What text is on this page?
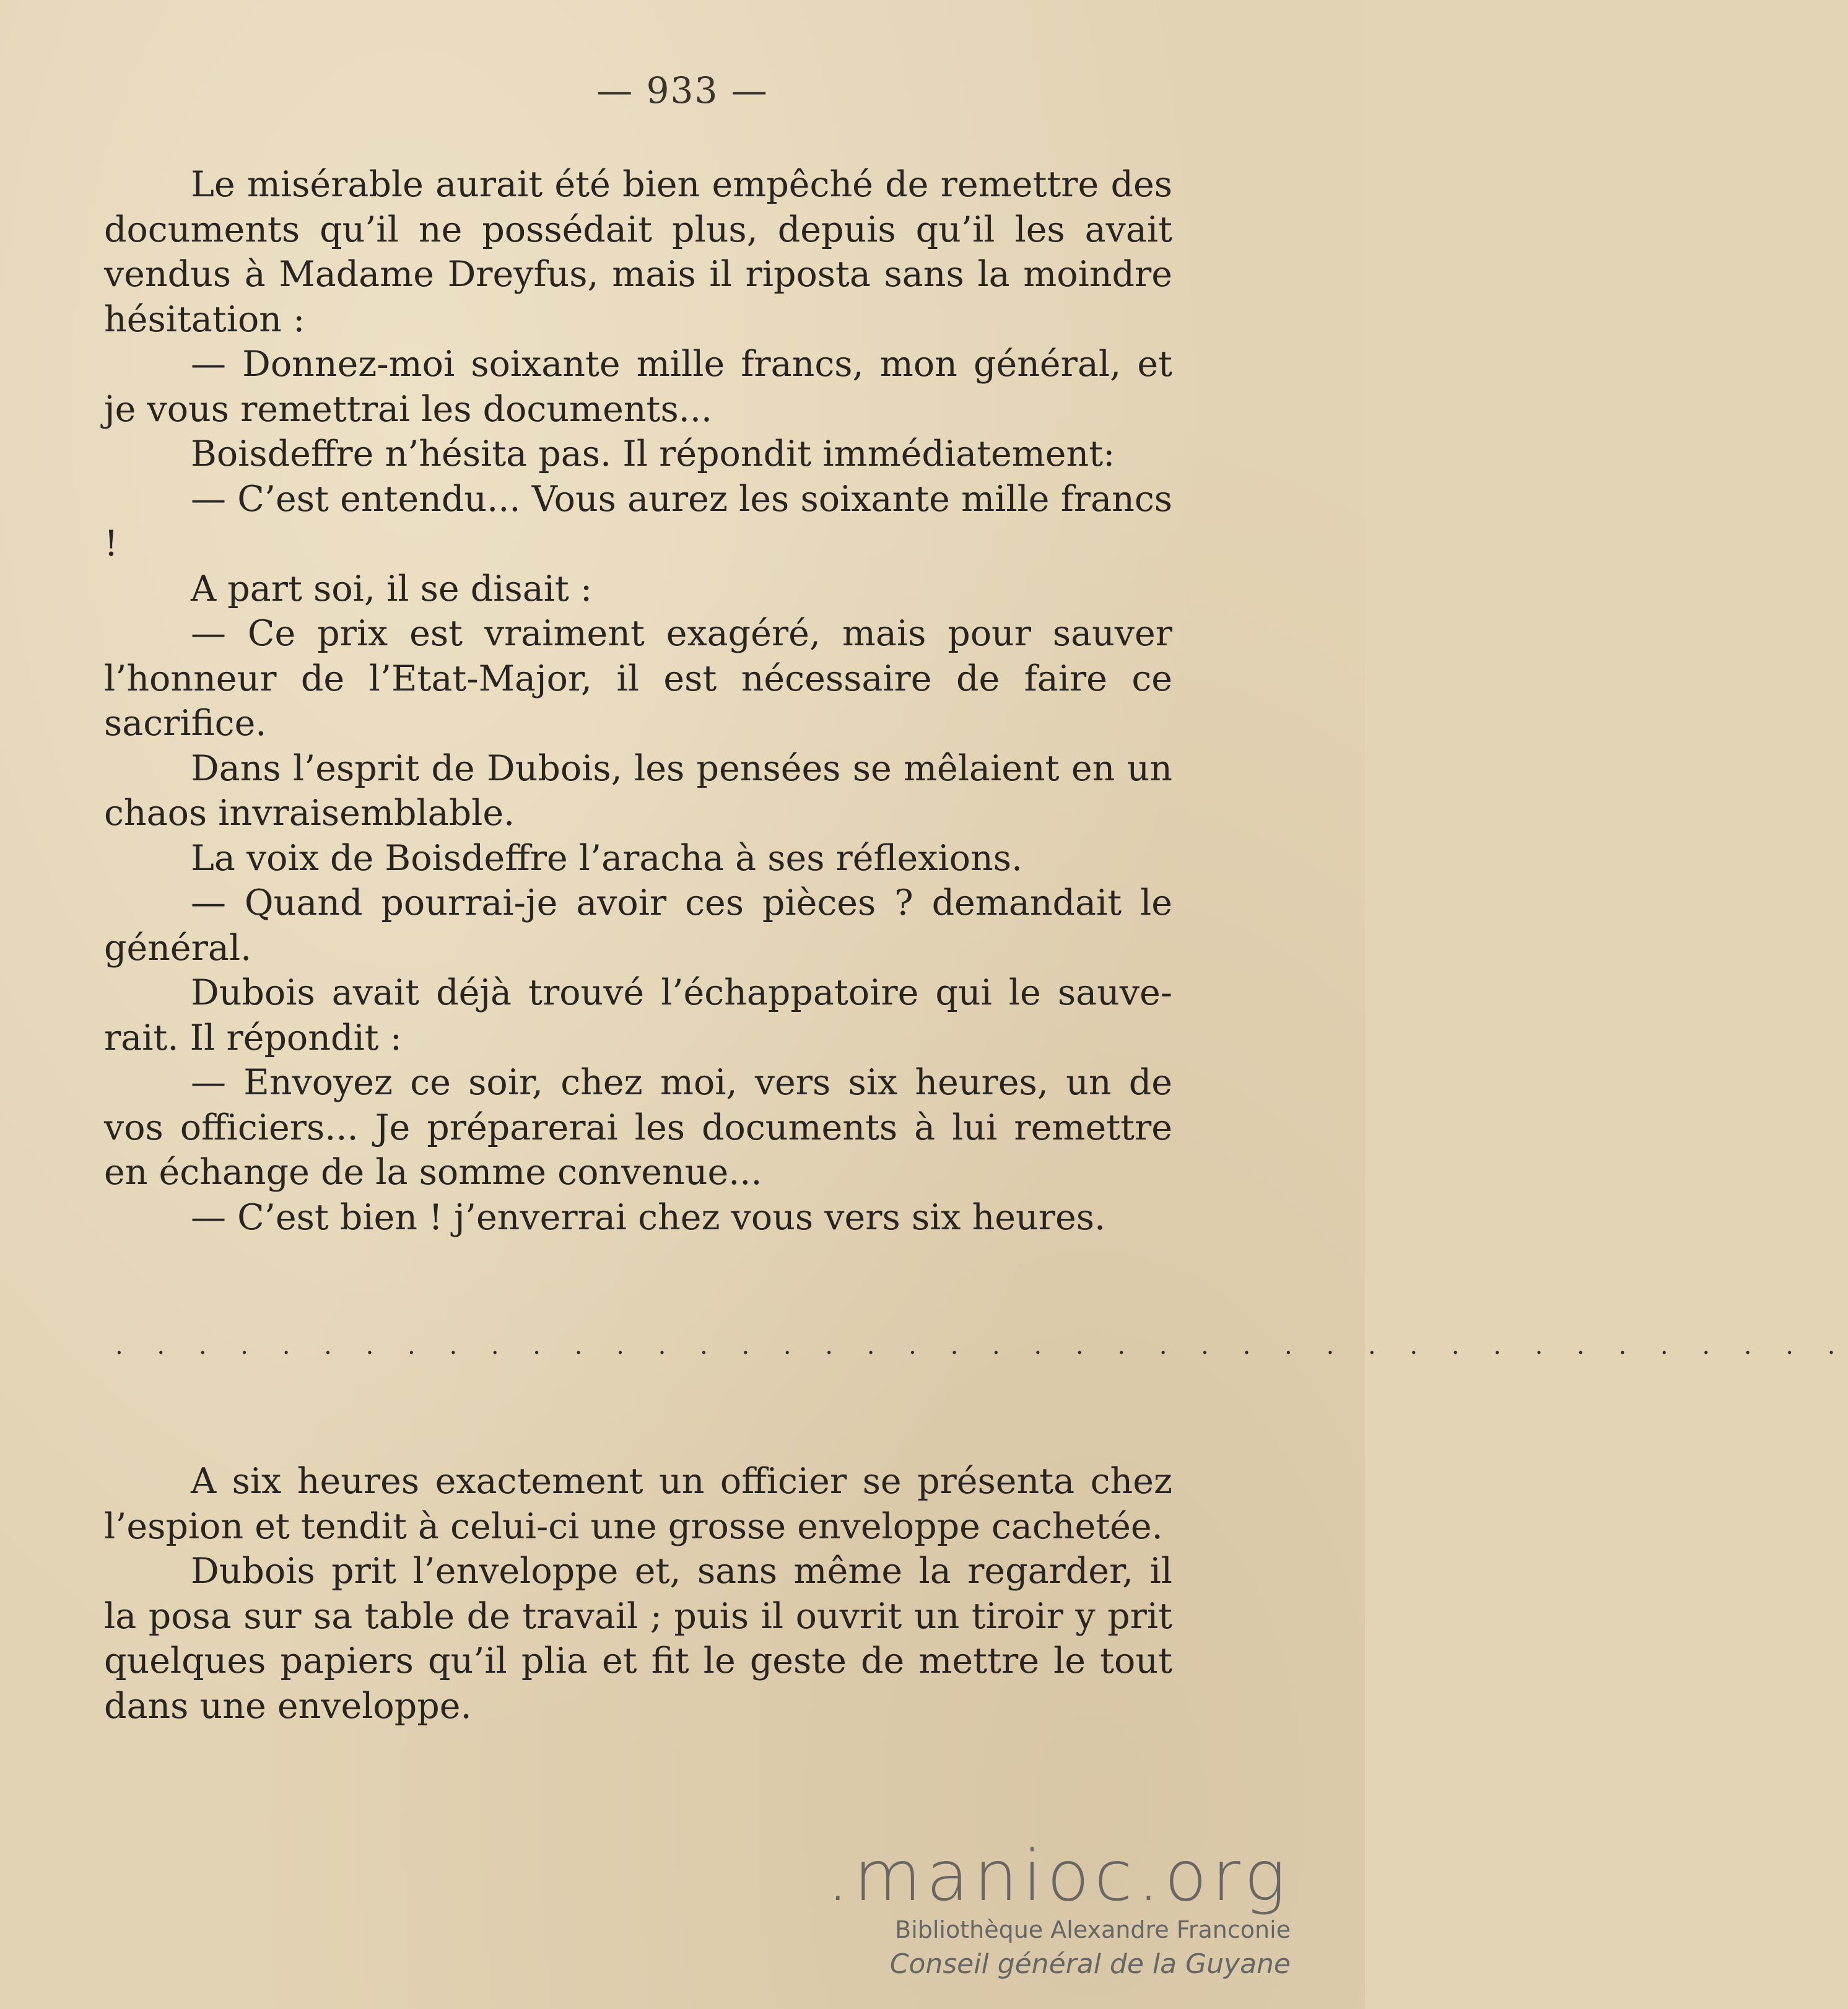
— 933 —

Le misérable aurait été bien empêché de remettre des documents qu’il ne possédait plus, depuis qu’il les avait vendus à Madame Dreyfus, mais il riposta sans la moindre hésitation :

— Donnez-moi soixante mille francs, mon général, et je vous remettrai les documents...

Boisdeffre n’hésita pas. Il répondit immédiatement:

— C’est entendu... Vous aurez les soixante mille francs !

A part soi, il se disait :

— Ce prix est vraiment exagéré, mais pour sauver l’honneur de l’Etat-Major, il est nécessaire de faire ce sacrifice.

Dans l’esprit de Dubois, les pensées se mêlaient en un chaos invraisemblable.

La voix de Boisdeffre l’aracha à ses réflexions.

— Quand pourrai-je avoir ces pièces ? demandait le général.

Dubois avait déjà trouvé l’échappatoire qui le sauverait. Il répondit :

— Envoyez ce soir, chez moi, vers six heures, un de vos officiers... Je préparerai les documents à lui remettre en échange de la somme convenue...

— C’est bien ! j’enverrai chez vous vers six heures.

. . . . . . . . . . . . . . . . . . . . . . . . . . . . . . . . . . . . . . . . . .

A six heures exactement un officier se présenta chez l’espion et tendit à celui-ci une grosse enveloppe cachetée.

Dubois prit l’enveloppe et, sans même la regarder, il la posa sur sa table de travail ; puis il ouvrit un tiroir y prit quelques papiers qu’il plia et fit le geste de mettre le tout dans une enveloppe.

.manioc.org
Bibliothèque Alexandre Franconie
Conseil général de la Guyane
